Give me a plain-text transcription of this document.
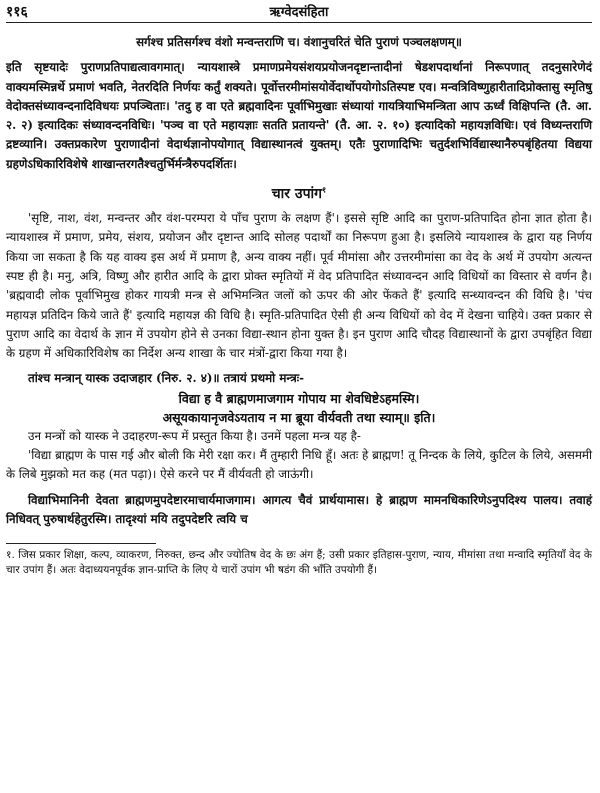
११६	ऋग्वेदसंहिता

सर्गश्च प्रतिसर्गश्च वंशो मन्वन्तराणि च। वंशानुचरितं चेति पुराणं पञ्चलक्षणम्॥

इति सृष्टयादेः पुराणप्रतिपाद्यत्वावगमात्। न्यायशास्त्रे प्रमाणप्रमेयसंशयप्रयोजनदृष्टान्तादीनां षेडशपदार्थानां निरूपणात् तदनुसारेणेदं वाक्यमस्मिन्नर्थे प्रमाणं भवति, नेतरदिति निर्णयः कर्तुं शक्यते। पूर्वोत्तरमीमांसयोर्वेदार्थोपयोगोऽतिस्पष्ट एव। मन्वत्रिविष्णुहारीतादिप्रोक्तासु स्मृतिषु वेदोक्तसंध्यावन्दनादिविधयः प्रपञ्चिताः। 'तदु ह वा एते ब्रह्मवादिनः पूर्वाभिमुखाः संध्यायां गायत्रियाभिमन्त्रिता आप ऊर्ध्वं विक्षिपन्ति (तै. आ. २. २) इत्यादिकः संध्यावन्दनविधिः। 'पञ्च वा एते महायज्ञाः सतति प्रतायन्ते' (तै. आ. २. १०) इत्यादिको महायज्ञविधिः। एवं विध्यन्तराणि द्रष्टव्यानि। उक्तप्रकारेण पुराणादीनां वेदार्थज्ञानोपयोगात् विद्यास्थानत्वं युक्तम्। एतैः पुराणादिभिः चतुर्दशभिर्विद्यास्थानैरुपबृंहितया विद्यया ग्रहणेऽधिकारिविशेषे शाखान्तरगतैश्चतुर्भिर्मन्त्रैरुपदर्शितः।

चार उपांग$^१$

'सृष्टि, नाश, वंश, मन्वन्तर और वंश-परम्परा ये पाँच पुराण के लक्षण हैं'। इससे सृष्टि आदि का पुराण-प्रतिपादित होना ज्ञात होता है। न्यायशास्त्र में प्रमाण, प्रमेय, संशय, प्रयोजन और दृष्टान्त आदि सोलह पदार्थों का निरूपण हुआ है। इसलिये न्यायशास्त्र के द्वारा यह निर्णय किया जा सकता है कि यह वाक्य इस अर्थ में प्रमाण है, अन्य वाक्य नहीं। पूर्व मीमांसा और उत्तरमीमांसा का वेद के अर्थ में उपयोग अत्यन्त स्पष्ट ही है। मनु, अत्रि, विष्णु और हारीत आदि के द्वारा प्रोक्त स्मृतियों में वेद प्रतिपादित संध्यावन्दन आदि विधियों का विस्तार से वर्णन है। 'ब्रह्मवादी लोक पूर्वाभिमुख होकर गायत्री मन्त्र से अभिमन्त्रित जलों को ऊपर की ओर फेंकते हैं' इत्यादि सन्ध्यावन्दन की विधि है। 'पंच महायज्ञ प्रतिदिन किये जाते हैं' इत्यादि महायज्ञ की विधि है। स्मृति-प्रतिपादित ऐसी ही अन्य विधियों को वेद में देखना चाहिये। उक्त प्रकार से पुराण आदि का वेदार्थ के ज्ञान में उपयोग होने से उनका विद्या-स्थान होना युक्त है। इन पुराण आदि चौदह विद्यास्थानों के द्वारा उपबृंहित विद्या के ग्रहण में अधिकारिविशेष का निर्देश अन्य शाखा के चार मंत्रों-द्वारा किया गया है।

तांश्च मन्त्रान् यास्क उदाजहार (निरु. २. ४)॥ तत्रायं प्रथमो मन्त्रः-

विद्या ह वै ब्राह्मणमाजगाम गोपाय मा शेवधिष्टेऽहमस्मि।

असूयकायानृजवेऽयताय न मा ब्रूया वीर्यवती तथा स्याम्॥ इति।

उन मन्त्रों को यास्क ने उदाहरण-रूप में प्रस्तुत किया है। उनमें पहला मन्त्र यह है-

'विद्या ब्राह्मण के पास गई और बोली कि मेरी रक्षा कर। मैं तुम्हारी निधि हूँ। अतः हे ब्राह्मण! तू निन्दक के लिये, कुटिल के लिये, असममी के लिबे मुझको मत कह (मत पढ़ा)। ऐसे करने पर मैं वीर्यवती हो जाऊंगी।

विद्याभिमानिनी देवता ब्राह्मणमुपदेष्टारमाचार्यमाजगाम। आगत्य चैवं प्रार्थयामास। हे ब्राह्मण मामनधिकारिणेऽनुपदिश्य पालय। तवाहं निधिवत् पुरुषार्थहेतुरस्मि। तादृश्यां मयि तदुपदेष्टरि त्वयि च

१. जिस प्रकार शिक्षा, कल्प, व्याकरण, निरुक्त, छन्द और ज्योतिष वेद के छः अंग हैं; उसी प्रकार इतिहास-पुराण, न्याय, मीमांसा तथा मन्वादि स्मृतियाँ वेद के चार उपांग हैं। अतः वेदाध्ययनपूर्वक ज्ञान-प्राप्ति के लिए ये चारों उपांग भी षडंग की भाँति उपयोगी हैं।
